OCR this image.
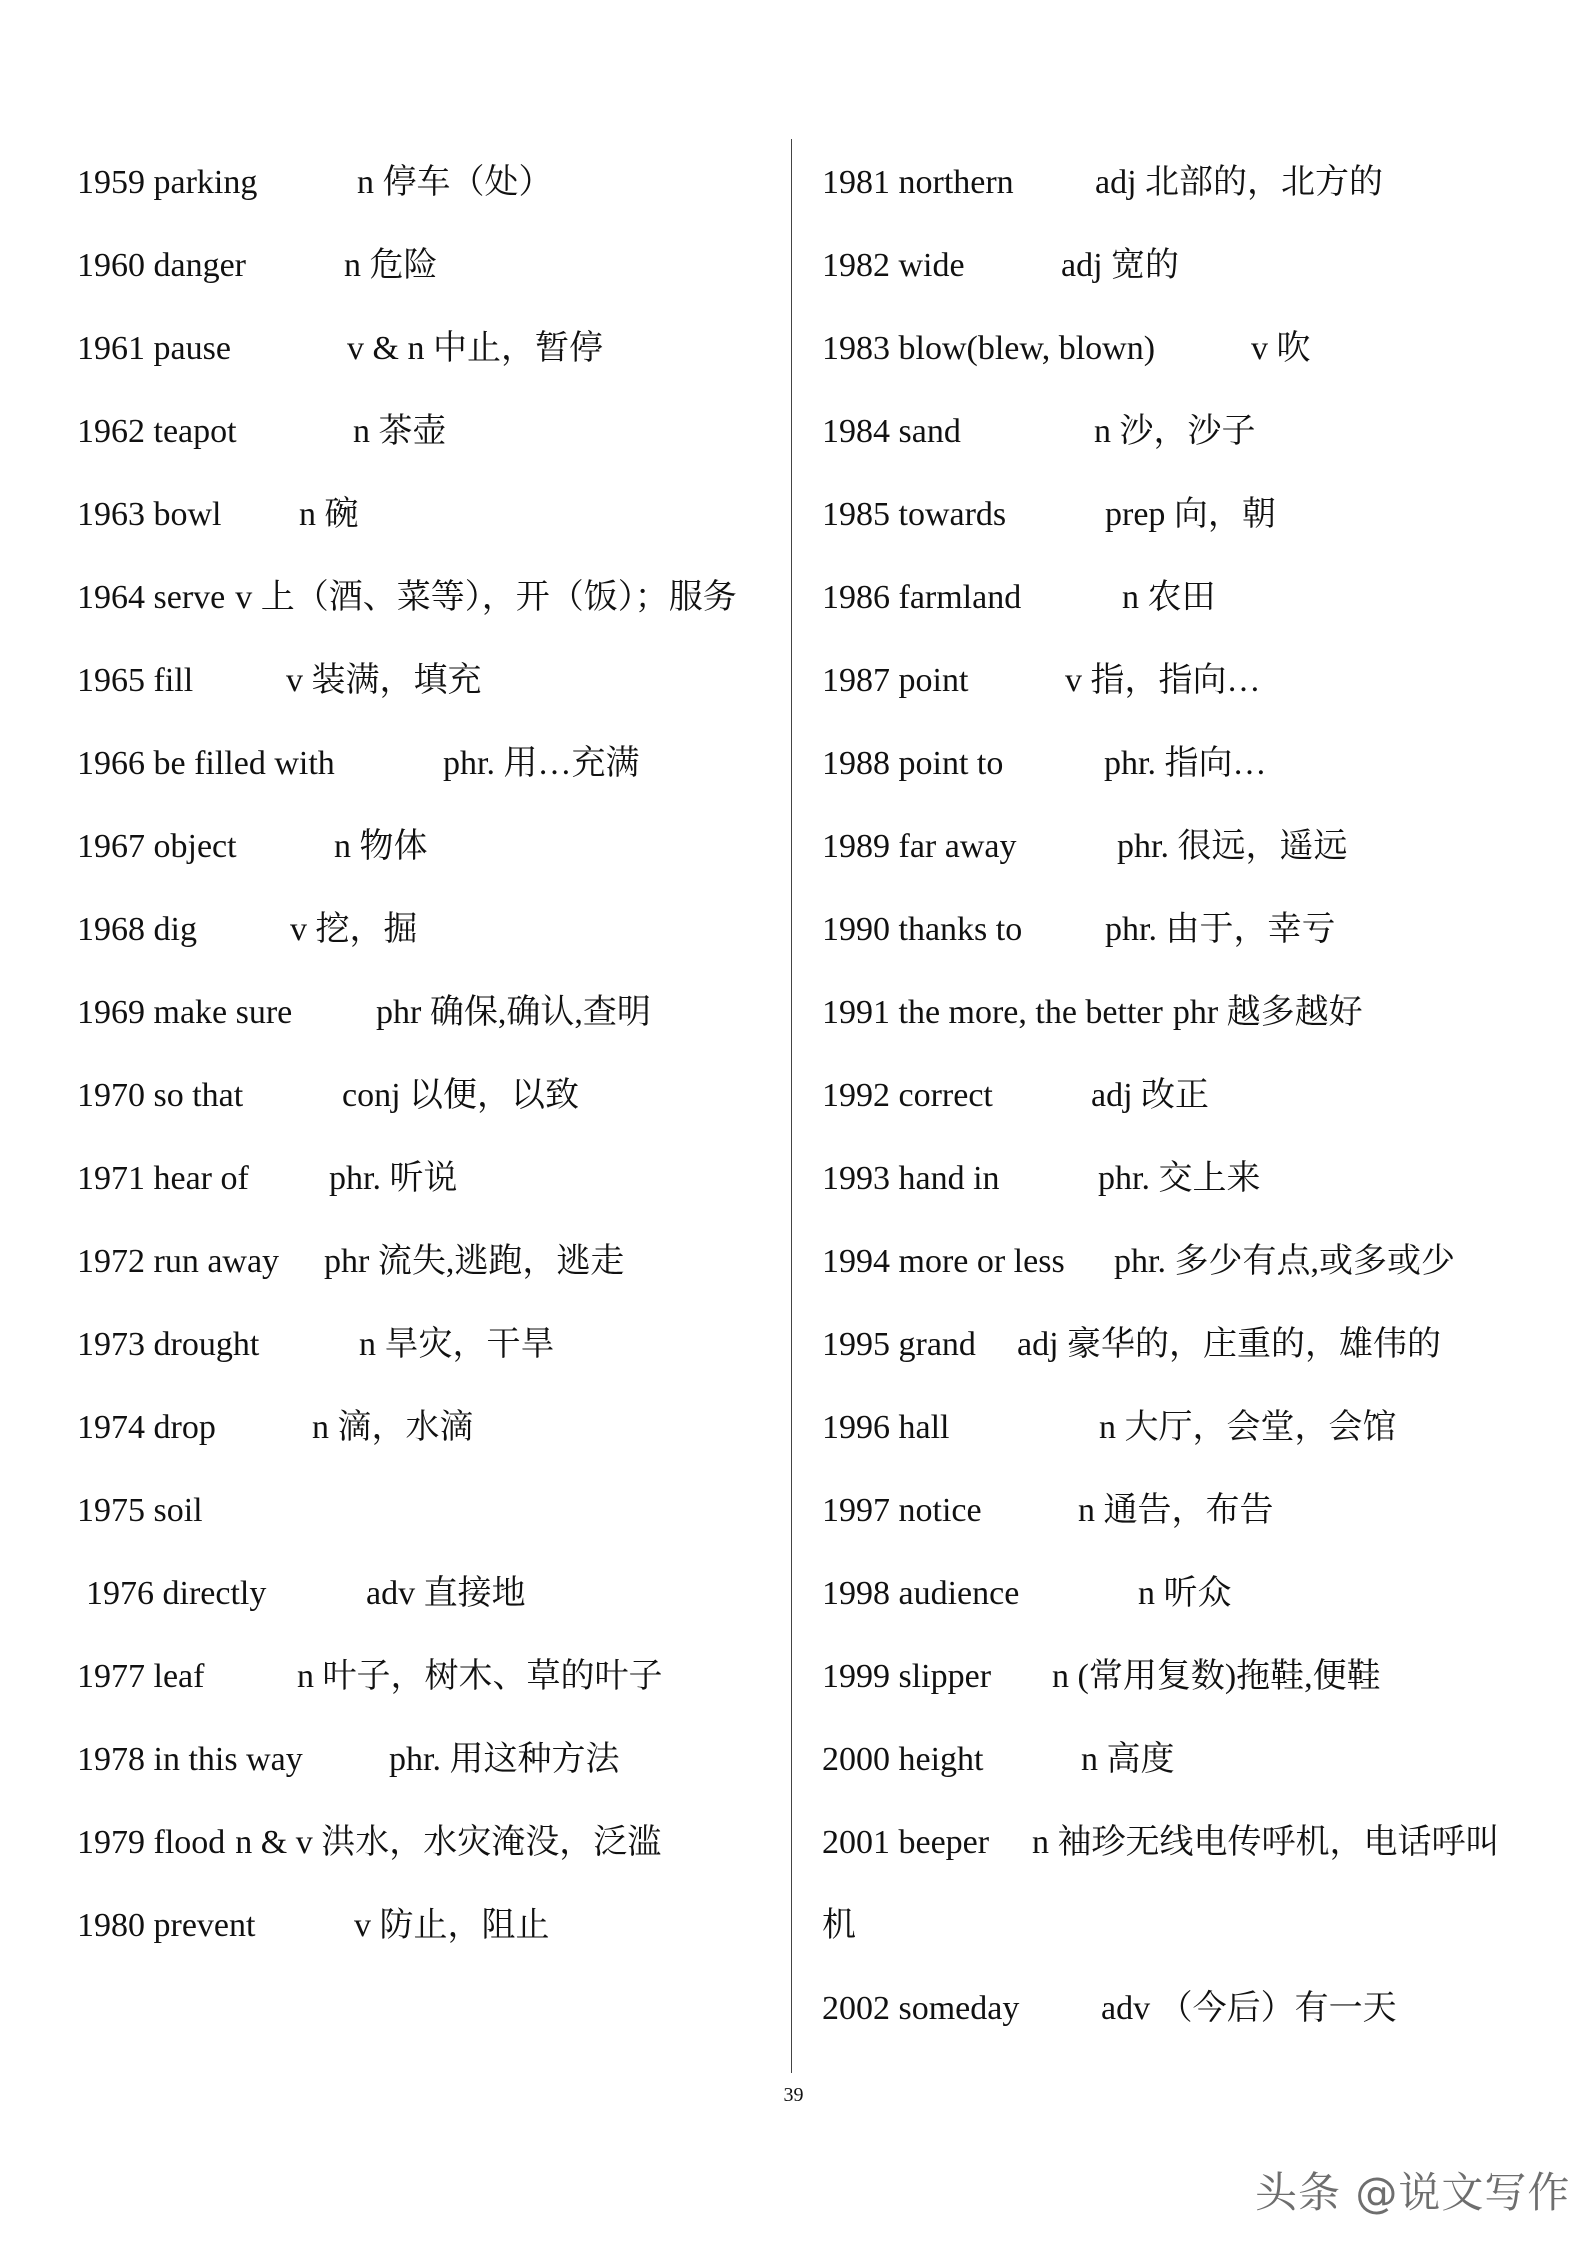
1959 parking	n 停车（处）
1960 danger	n 危险
1961 pause	v & n 中止，暂停
1962 teapot	n 茶壶
1963 bowl n 碗
1964 serve v 上（酒、菜等），开（饭）；服务
1965 fill	v 装满，填充
1966 be filled with	phr. 用…充满
1967 object	n 物体
1968 dig	v 挖，掘
1969 make sure phr 确保,确认,查明
1970 so that	conj 以便，以致
1971 hear of phr. 听说
1972 run away phr 流失,逃跑，逃走
1973 drought	n 旱灾，干旱
1974 drop	n 滴，水滴
1975 soil
1976 directly	adv 直接地
1977 leaf	n 叶子，树木、草的叶子
1978 in this way	phr. 用这种方法
1979 flood n & v 洪水，水灾淹没，泛滥
1980 prevent	v 防止，阻止
1981 northern adj 北部的，北方的
1982 wide	adj 宽的
1983 blow(blew, blown)	v 吹
1984 sand	n 沙，沙子
1985 towards	prep 向，朝
1986 farmland	n 农田
1987 point	v 指，指向…
1988 point to	phr. 指向…
1989 far away	phr. 很远，遥远
1990 thanks to phr. 由于，幸亏
1991 the more, the better phr 越多越好
1992 correct	adj 改正
1993 hand in	phr. 交上来
1994 more or less phr. 多少有点,或多或少
1995 grand adj 豪华的，庄重的，雄伟的
1996 hall	n 大厅，会堂，会馆
1997 notice	n 通告，布告
1998 audience	n 听众
1999 slipper n (常用复数)拖鞋,便鞋
2000 height	n 高度
2001 beeper n 袖珍无线电传呼机，电话呼叫机
2002 someday adv （今后）有一天
39
头条 @说文写作
